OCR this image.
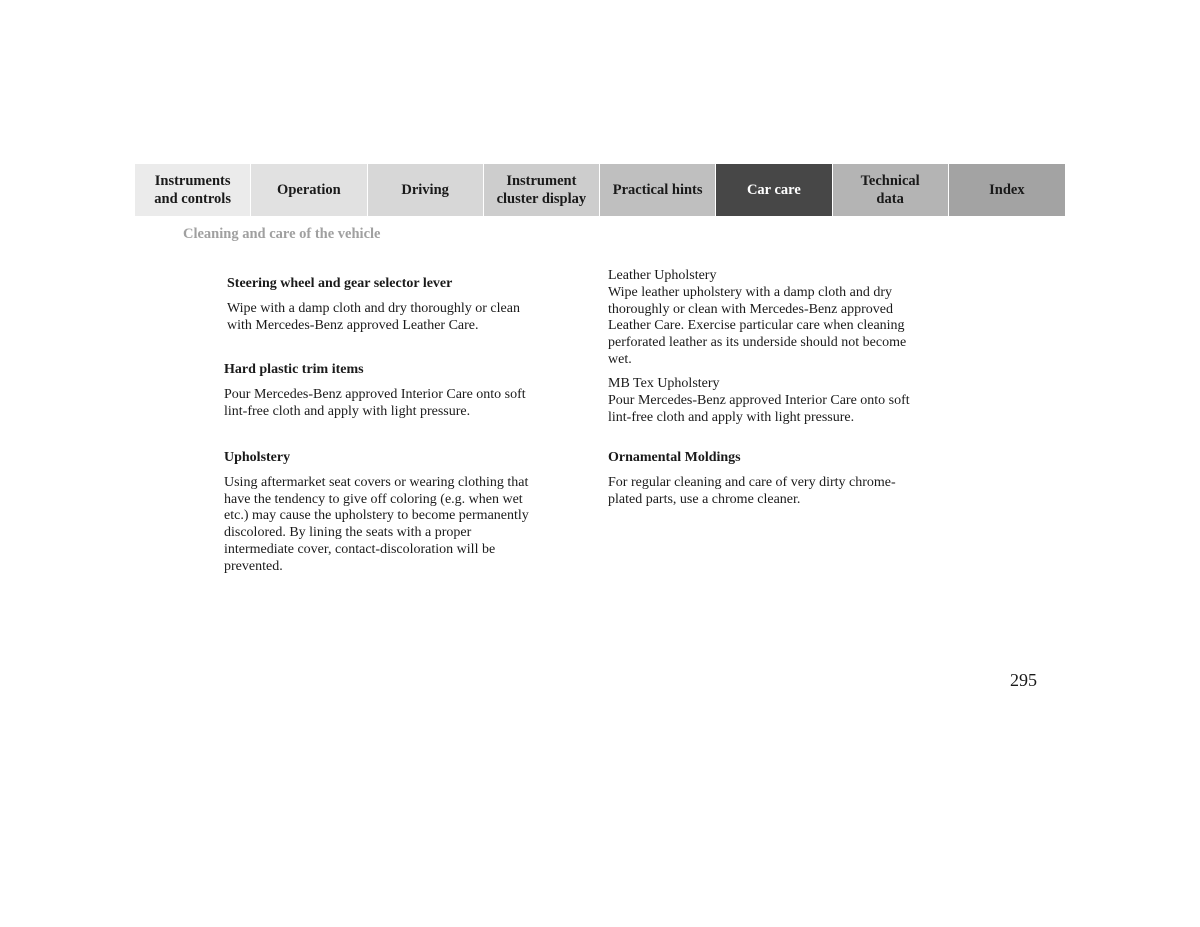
Instruments
and controls
Operation	Driving
Instrument
cluster display
Practical hints	Car care
Technical
data
Index
Cleaning and care of the vehicle
Steering wheel and gear selector lever

Wipe with a damp cloth and dry thoroughly or clean

with Mercedes-Benz approved Leather Care.

Hard plastic trim items

Pour Mercedes-Benz approved Interior Care onto soft

lint-free cloth and apply with light pressure.

Upholstery

Using aftermarket seat covers or wearing clothing that

have the tendency to give off coloring (e.g. when wet

etc.) may cause the upholstery to become permanently

discolored. By lining the seats with a proper

intermediate cover, contact-discoloration will be

prevented.

Leather Upholstery

Wipe leather upholstery with a damp cloth and dry

thoroughly or clean with Mercedes-Benz approved

Leather Care. Exercise particular care when cleaning

perforated leather as its underside should not become

wet.

MB Tex Upholstery

Pour Mercedes-Benz approved Interior Care onto soft

lint-free cloth and apply with light pressure.

Ornamental Moldings

For regular cleaning and care of very dirty chrome-

plated parts, use a chrome cleaner.

295
